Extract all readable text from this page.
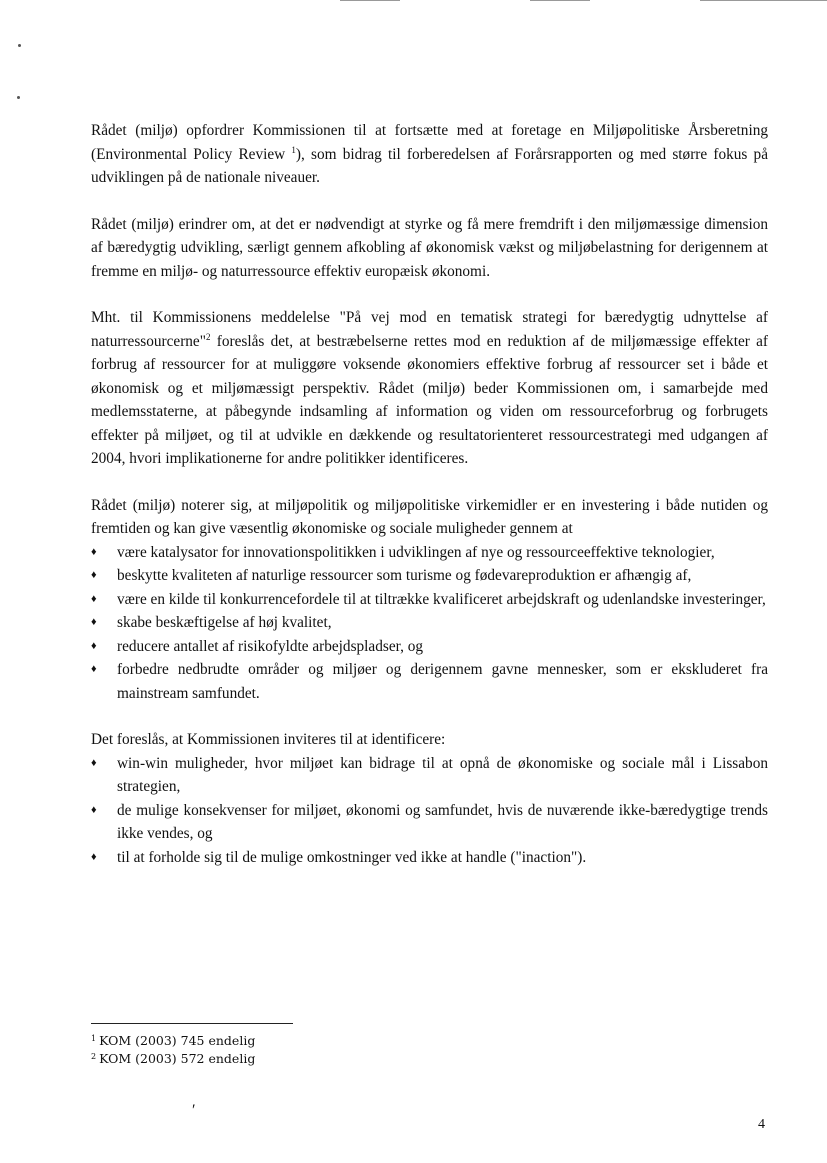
Rådet (miljø) opfordrer Kommissionen til at fortsætte med at foretage en Miljøpolitiske Årsberetning (Environmental Policy Review $^1$), som bidrag til forberedelsen af Forårsrapporten og med større fokus på udviklingen på de nationale niveauer.

Rådet (miljø) erindrer om, at det er nødvendigt at styrke og få mere fremdrift i den miljømæssige dimension af bæredygtig udvikling, særligt gennem afkobling af økonomisk vækst og miljøbelastning for derigennem at fremme en miljø- og naturressource effektiv europæisk økonomi.

Mht. til Kommissionens meddelelse "På vej mod en tematisk strategi for bæredygtig udnyttelse af naturressourcerne"$^2$ foreslås det, at bestræbelserne rettes mod en reduktion af de miljømæssige effekter af forbrug af ressourcer for at muliggøre voksende økonomiers effektive forbrug af ressourcer set i både et økonomisk og et miljømæssigt perspektiv. Rådet (miljø) beder Kommissionen om, i samarbejde med medlemsstaterne, at påbegynde indsamling af information og viden om ressourceforbrug og forbrugets effekter på miljøet, og til at udvikle en dækkende og resultatorienteret ressourcestrategi med udgangen af 2004, hvori implikationerne for andre politikker identificeres.

Rådet (miljø) noterer sig, at miljøpolitik og miljøpolitiske virkemidler er en investering i både nutiden og fremtiden og kan give væsentlig økonomiske og sociale muligheder gennem at

♦	være katalysator for innovationspolitikken i udviklingen af nye og ressourceeffektive teknologier,
♦	beskytte kvaliteten af naturlige ressourcer som turisme og fødevareproduktion er afhængig af,
♦	være en kilde til konkurrencefordele til at tiltrække kvalificeret arbejdskraft og udenlandske investeringer,
♦	skabe beskæftigelse af høj kvalitet,
♦	reducere antallet af risikofyldte arbejdspladser, og
♦	forbedre nedbrudte områder og miljøer og derigennem gavne mennesker, som er ekskluderet fra mainstream samfundet.

Det foreslås, at Kommissionen inviteres til at identificere:

♦	win-win muligheder, hvor miljøet kan bidrage til at opnå de økonomiske og sociale mål i Lissabon strategien,
♦	de mulige konsekvenser for miljøet, økonomi og samfundet, hvis de nuværende ikke-bæredygtige trends ikke vendes, og
♦	til at forholde sig til de mulige omkostninger ved ikke at handle ("inaction").
$^1$ KOM (2003) 745 endelig
$^2$ KOM (2003) 572 endelig
′
4
